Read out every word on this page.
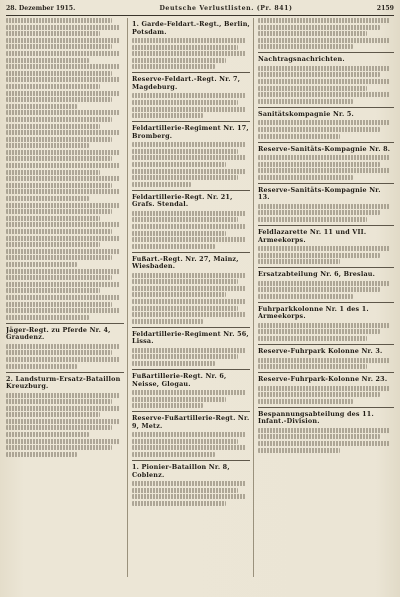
28. Dezember 1915.	Deutsche Verlustlisten. (Pr. 841)	2159
Jäger-Regt. zu Pferde Nr. 4, Graudenz.
2. Landsturm-Ersatz-Bataillon Kreuzburg.
1. Garde-Feldart.-Regt., Berlin, Potsdam.
Reserve-Feldart.-Regt. Nr. 7, Magdeburg.
Feldartillerie-Regiment Nr. 17, Bromberg.
Feldartillerie-Regt. Nr. 21, Grafs. Stendal.
Fußart.-Regt. Nr. 27, Mainz, Wiesbaden.
Feldartillerie-Regiment Nr. 56, Lissa.
Fußartillerie-Regt. Nr. 6, Neisse, Glogau.
Reserve-Fußartillerie-Regt. Nr. 9, Metz.
1. Pionier-Bataillon Nr. 8, Coblenz.
Nachtragsnachrichten.
Sanitätskompagnie Nr. 5.
Reserve-Sanitäts-Kompagnie Nr. 8.
Reserve-Sanitäts-Kompagnie Nr. 13.
Feldlazarette Nr. 11 und VII. Armeekorps.
Ersatzabteilung Nr. 6, Breslau.
Fuhrparkkolonne Nr. 1 des 1. Armeekorps.
Reserve-Fuhrpark Kolonne Nr. 3.
Reserve-Fuhrpark-Kolonne Nr. 23.
Bespannungsabteilung des 11. Infant.-Division.
